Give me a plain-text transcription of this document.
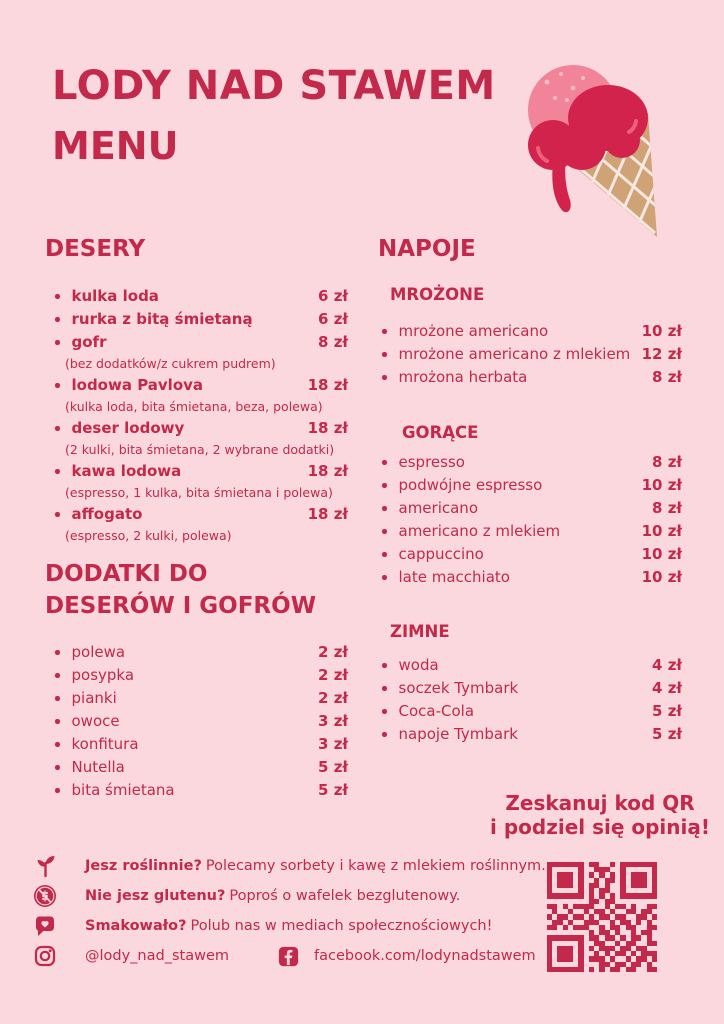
LODY NAD STAWEM
MENU
DESERY
kulka loda	6 zł
rurka z bitą śmietaną	6 zł
gofr	8 zł
(bez dodatków/z cukrem pudrem)
lodowa Pavlova	18 zł
(kulka loda, bita śmietana, beza, polewa)
deser lodowy	18 zł
(2 kulki, bita śmietana, 2 wybrane dodatki)
kawa lodowa	18 zł
(espresso, 1 kulka, bita śmietana i polewa)
affogato	18 zł
(espresso, 2 kulki, polewa)
DODATKI DO
DESERÓW I GOFRÓW
polewa	2 zł
posypka	2 zł
pianki	2 zł
owoce	3 zł
konfitura	3 zł
Nutella	5 zł
bita śmietana	5 zł
NAPOJE
MROŻONE
mrożone americano	10 zł
mrożone americano z mlekiem 12 zł
mrożona herbata	8 zł
GORĄCE
espresso	8 zł
podwójne espresso	10 zł
americano	8 zł
americano z mlekiem	10 zł
cappuccino	10 zł
late macchiato	10 zł
ZIMNE
woda	4 zł
soczek Tymbark	4 zł
Coca-Cola	5 zł
napoje Tymbark	5 zł
Zeskanuj kod QR
i podziel się opinią!
Jesz roślinnie? Polecamy sorbety i kawę z mlekiem roślinnym.
Nie jesz glutenu? Poproś o wafelek bezglutenowy.
Smakowało? Polub nas w mediach społecznościowych!
@lody_nad_stawem	facebook.com/lodynadstawem
